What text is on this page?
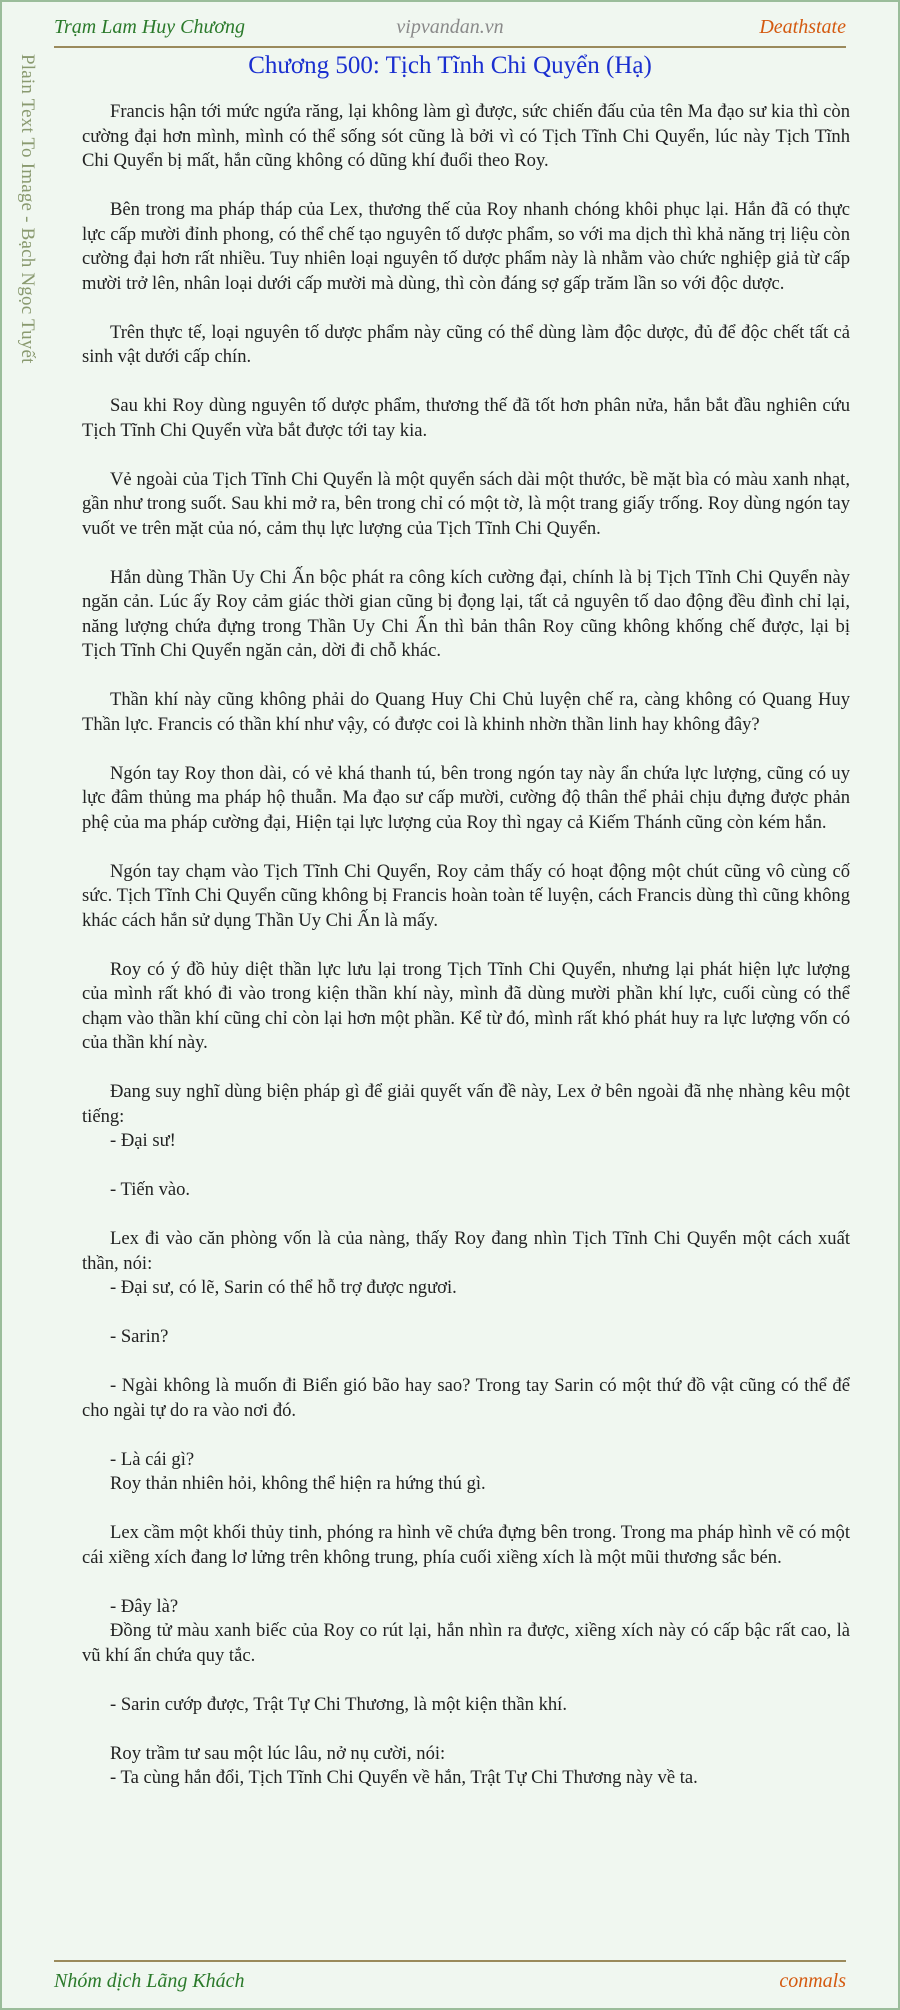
Trạm Lam Huy Chương	vipvandan.vn	Deathstate
Plain Text To Image - Bạch Ngọc Tuyết	Chương 500: Tịch Tĩnh Chi Quyển (Hạ)

Francis hận tới mức ngứa răng, lại không làm gì được, sức chiến đấu của tên Ma đạo sư kia thì còn cường đại hơn mình, mình có thể sống sót cũng là bởi vì có Tịch Tĩnh Chi Quyển, lúc này Tịch Tĩnh Chi Quyển bị mất, hắn cũng không có dũng khí đuổi theo Roy.

Bên trong ma pháp tháp của Lex, thương thế của Roy nhanh chóng khôi phục lại. Hắn đã có thực lực cấp mười đỉnh phong, có thể chế tạo nguyên tố dược phẩm, so với ma dịch thì khả năng trị liệu còn cường đại hơn rất nhiều. Tuy nhiên loại nguyên tố dược phẩm này là nhằm vào chức nghiệp giả từ cấp mười trở lên, nhân loại dưới cấp mười mà dùng, thì còn đáng sợ gấp trăm lần so với độc dược.

Trên thực tế, loại nguyên tố dược phẩm này cũng có thể dùng làm độc dược, đủ để độc chết tất cả sinh vật dưới cấp chín.

Sau khi Roy dùng nguyên tố dược phẩm, thương thế đã tốt hơn phân nửa, hắn bắt đầu nghiên cứu Tịch Tĩnh Chi Quyển vừa bắt được tới tay kia.

Vẻ ngoài của Tịch Tĩnh Chi Quyển là một quyển sách dài một thước, bề mặt bìa có màu xanh nhạt, gần như trong suốt. Sau khi mở ra, bên trong chỉ có một tờ, là một trang giấy trống. Roy dùng ngón tay vuốt ve trên mặt của nó, cảm thụ lực lượng của Tịch Tĩnh Chi Quyển.

Hắn dùng Thần Uy Chi Ấn bộc phát ra công kích cường đại, chính là bị Tịch Tĩnh Chi Quyển này ngăn cản. Lúc ấy Roy cảm giác thời gian cũng bị đọng lại, tất cả nguyên tố dao động đều đình chỉ lại, năng lượng chứa đựng trong Thần Uy Chi Ấn thì bản thân Roy cũng không khống chế được, lại bị Tịch Tĩnh Chi Quyển ngăn cản, dời đi chỗ khác.

Thần khí này cũng không phải do Quang Huy Chi Chủ luyện chế ra, càng không có Quang Huy Thần lực. Francis có thần khí như vậy, có được coi là khinh nhờn thần linh hay không đây?

Ngón tay Roy thon dài, có vẻ khá thanh tú, bên trong ngón tay này ẩn chứa lực lượng, cũng có uy lực đâm thủng ma pháp hộ thuẫn. Ma đạo sư cấp mười, cường độ thân thể phải chịu đựng được phản phệ của ma pháp cường đại, Hiện tại lực lượng của Roy thì ngay cả Kiếm Thánh cũng còn kém hắn.

Ngón tay chạm vào Tịch Tĩnh Chi Quyển, Roy cảm thấy có hoạt động một chút cũng vô cùng cố sức. Tịch Tĩnh Chi Quyển cũng không bị Francis hoàn toàn tế luyện, cách Francis dùng thì cũng không khác cách hắn sử dụng Thần Uy Chi Ấn là mấy.

Roy có ý đồ hủy diệt thần lực lưu lại trong Tịch Tĩnh Chi Quyển, nhưng lại phát hiện lực lượng của mình rất khó đi vào trong kiện thần khí này, mình đã dùng mười phần khí lực, cuối cùng có thể chạm vào thần khí cũng chỉ còn lại hơn một phần. Kể từ đó, mình rất khó phát huy ra lực lượng vốn có của thần khí này.

Đang suy nghĩ dùng biện pháp gì để giải quyết vấn đề này, Lex ở bên ngoài đã nhẹ nhàng kêu một tiếng:
- Đại sư!
- Tiến vào.
Lex đi vào căn phòng vốn là của nàng, thấy Roy đang nhìn Tịch Tĩnh Chi Quyển một cách xuất thần, nói:
- Đại sư, có lẽ, Sarin có thể hỗ trợ được ngươi.
- Sarin?
- Ngài không là muốn đi Biển gió bão hay sao? Trong tay Sarin có một thứ đồ vật cũng có thể để cho ngài tự do ra vào nơi đó.
- Là cái gì?
Roy thản nhiên hỏi, không thể hiện ra hứng thú gì.
Lex cầm một khối thủy tinh, phóng ra hình vẽ chứa đựng bên trong. Trong ma pháp hình vẽ có một cái xiềng xích đang lơ lửng trên không trung, phía cuối xiềng xích là một mũi thương sắc bén.
- Đây là?
Đồng tử màu xanh biếc của Roy co rút lại, hắn nhìn ra được, xiềng xích này có cấp bậc rất cao, là vũ khí ẩn chứa quy tắc.
- Sarin cướp được, Trật Tự Chi Thương, là một kiện thần khí.
Roy trầm tư sau một lúc lâu, nở nụ cười, nói:
- Ta cùng hắn đổi, Tịch Tĩnh Chi Quyển về hắn, Trật Tự Chi Thương này về ta.
Nhóm dịch Lãng Khách	conmals
